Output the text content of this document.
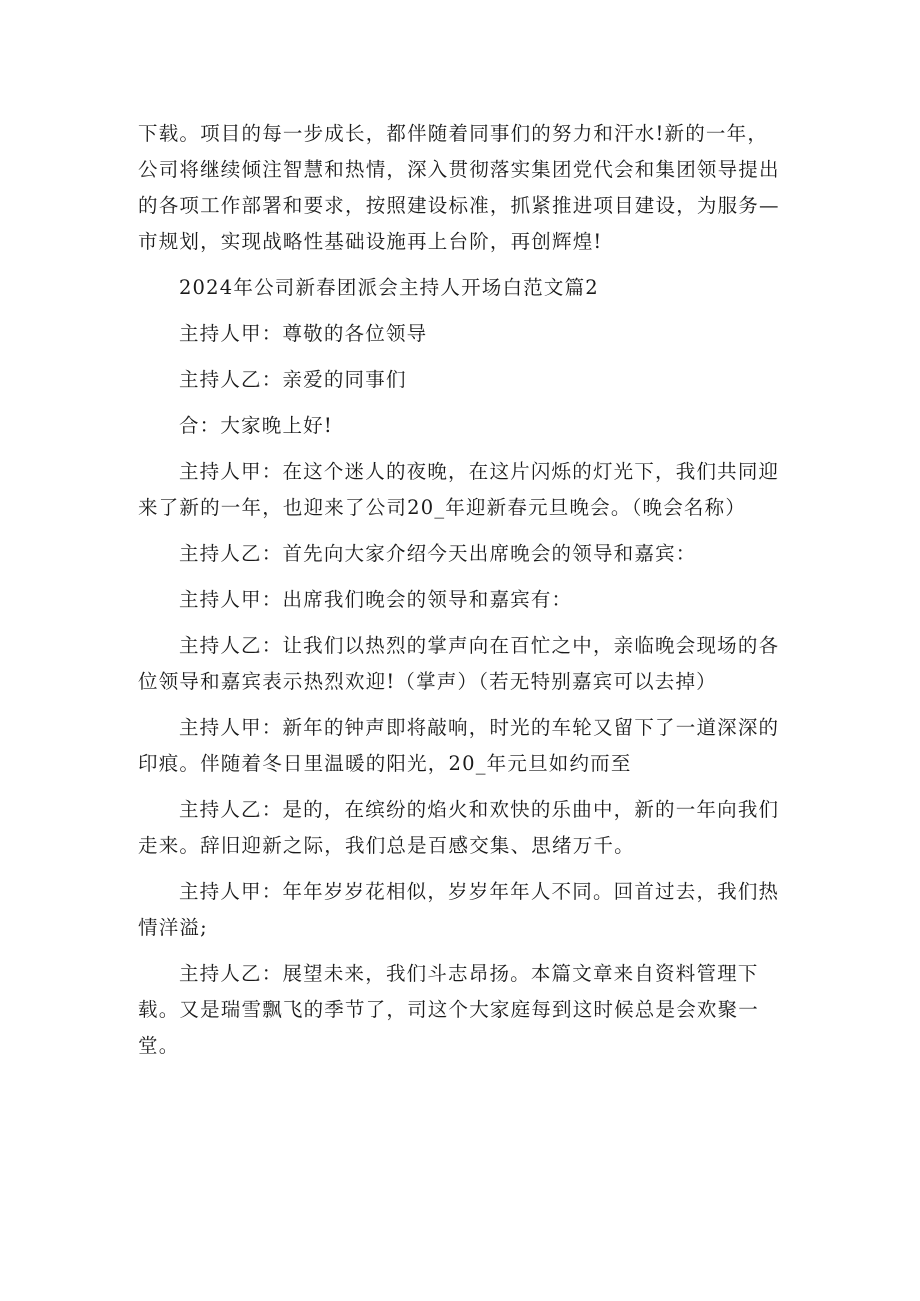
下载。项目的每一步成长，都伴随着同事们的努力和汗水!新的一年，公司将继续倾注智慧和热情，深入贯彻落实集团党代会和集团领导提出的各项工作部署和要求，按照建设标准，抓紧推进项目建设，为服务—市规划，实现战略性基础设施再上台阶，再创辉煌!

2024年公司新春团派会主持人开场白范文篇2

主持人甲：尊敬的各位领导

主持人乙：亲爱的同事们

合：大家晚上好!

主持人甲：在这个迷人的夜晚，在这片闪烁的灯光下，我们共同迎来了新的一年，也迎来了公司20_年迎新春元旦晚会。（晚会名称）

主持人乙：首先向大家介绍今天出席晚会的领导和嘉宾：

主持人甲：出席我们晚会的领导和嘉宾有：

主持人乙：让我们以热烈的掌声向在百忙之中，亲临晚会现场的各位领导和嘉宾表示热烈欢迎!（掌声）（若无特别嘉宾可以去掉）

主持人甲：新年的钟声即将敲响，时光的车轮又留下了一道深深的印痕。伴随着冬日里温暖的阳光，20_年元旦如约而至

主持人乙：是的，在缤纷的焰火和欢快的乐曲中，新的一年向我们走来。辞旧迎新之际，我们总是百感交集、思绪万千。

主持人甲：年年岁岁花相似，岁岁年年人不同。回首过去，我们热情洋溢;

主持人乙：展望未来，我们斗志昂扬。本篇文章来自资料管理下载。又是瑞雪飘飞的季节了，司这个大家庭每到这时候总是会欢聚一堂。
